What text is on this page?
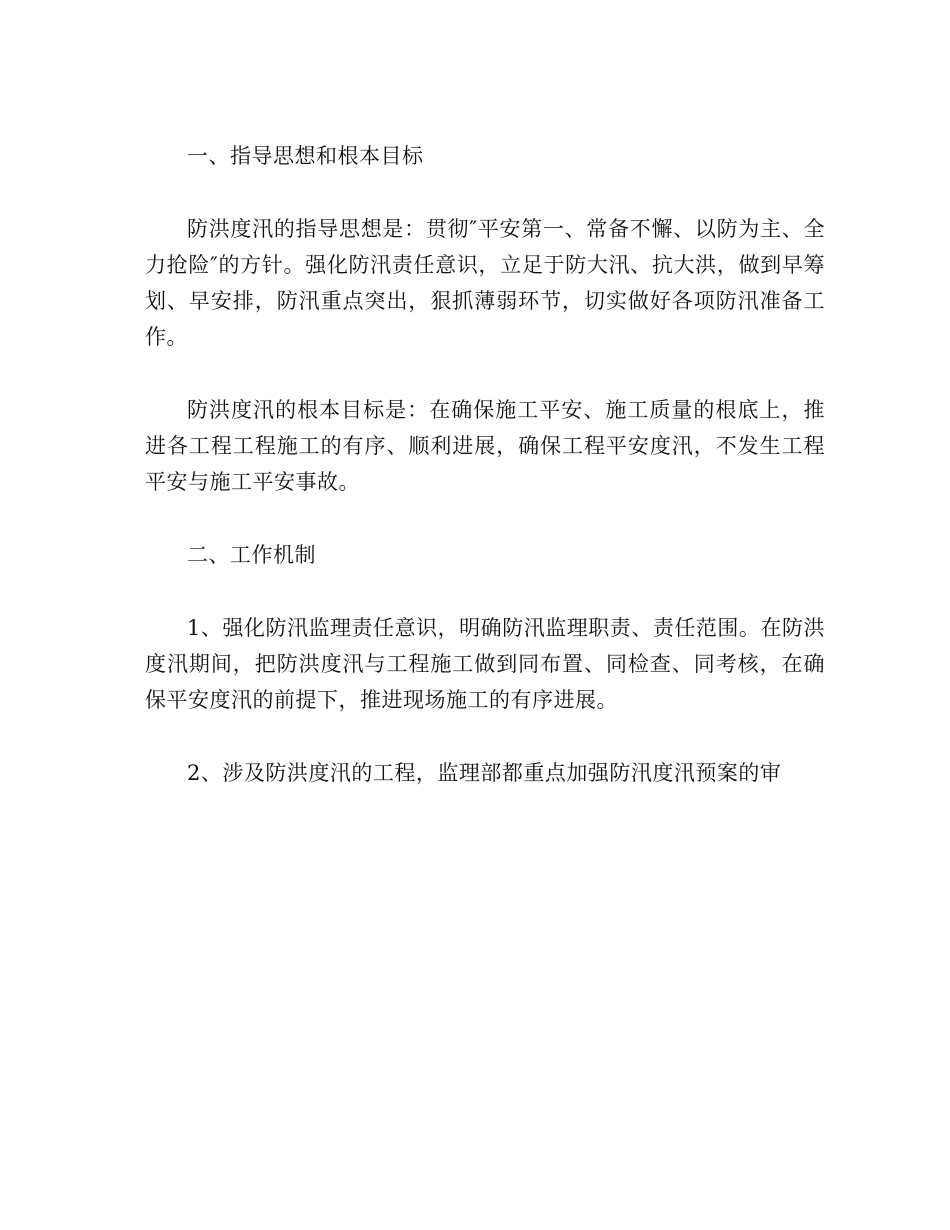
一、指导思想和根本目标

防洪度汛的指导思想是：贯彻″平安第一、常备不懈、以防为主、全力抢险″的方针。强化防汛责任意识，立足于防大汛、抗大洪，做到早筹划、早安排，防汛重点突出，狠抓薄弱环节，切实做好各项防汛准备工作。

防洪度汛的根本目标是：在确保施工平安、施工质量的根底上，推进各工程工程施工的有序、顺利进展，确保工程平安度汛，不发生工程平安与施工平安事故。

二、工作机制

1、强化防汛监理责任意识，明确防汛监理职责、责任范围。在防洪度汛期间，把防洪度汛与工程施工做到同布置、同检查、同考核，在确保平安度汛的前提下，推进现场施工的有序进展。

2、涉及防洪度汛的工程，监理部都重点加强防汛度汛预案的审
